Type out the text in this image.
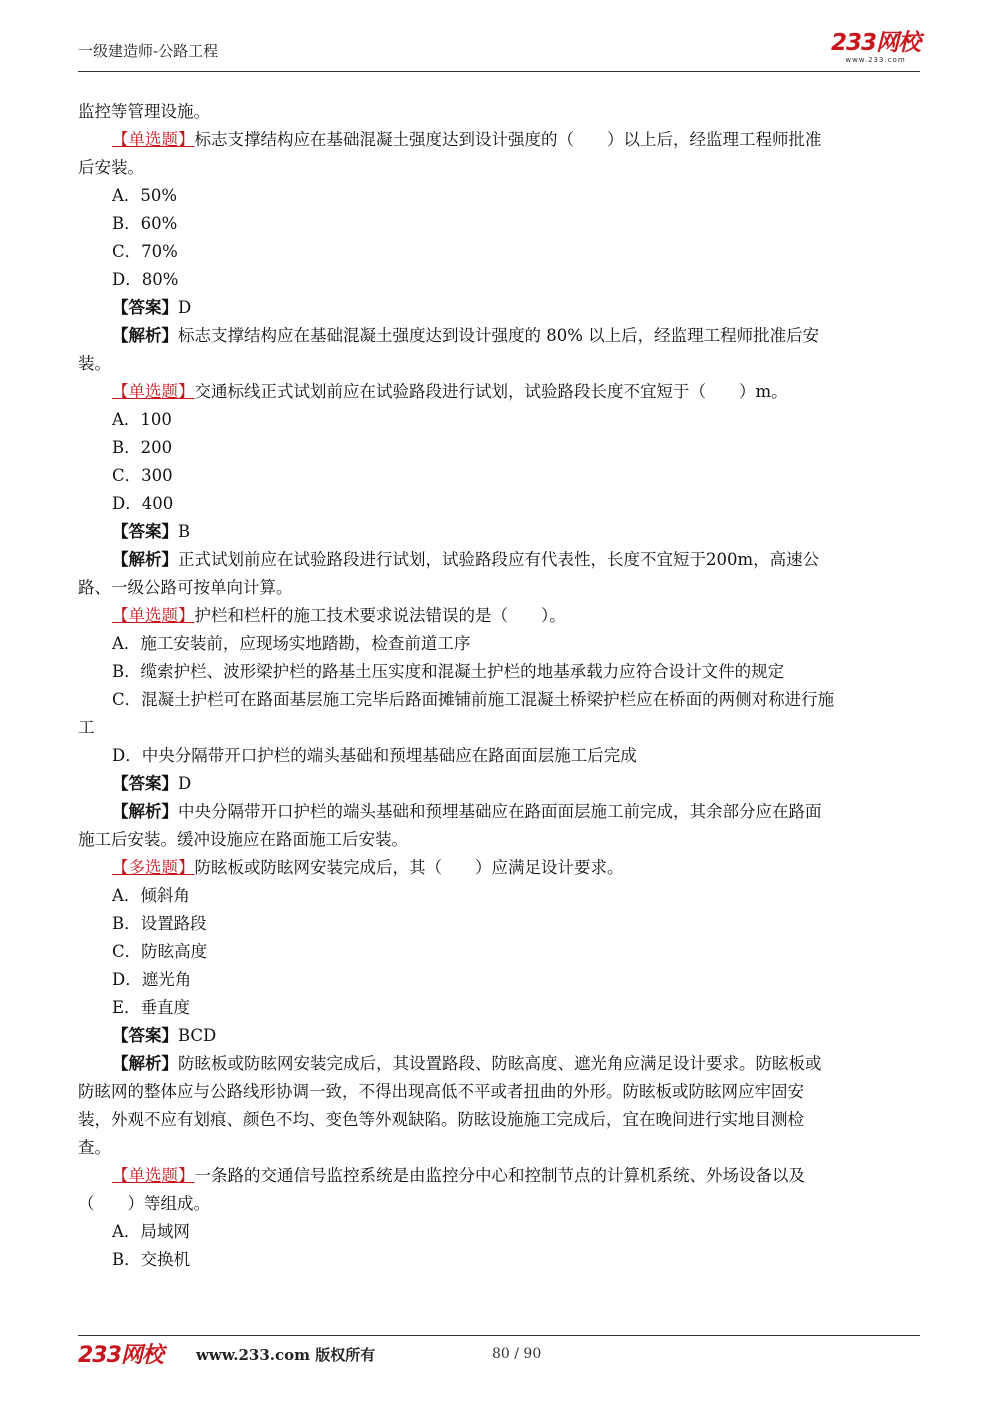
一级建造师-公路工程	233网校
www.233.com
监控等管理设施。
【单选题】标志支撑结构应在基础混凝土强度达到设计强度的（　　）以上后，经监理工程师批准
后安装。
A．50%
B．60%
C．70%
D．80%
【答案】D
【解析】标志支撑结构应在基础混凝土强度达到设计强度的 80% 以上后，经监理工程师批准后安
装。
【单选题】交通标线正式试划前应在试验路段进行试划，试验路段长度不宜短于（　　）m。
A．100
B．200
C．300
D．400
【答案】B
【解析】正式试划前应在试验路段进行试划，试验路段应有代表性，长度不宜短于200m，高速公
路、一级公路可按单向计算。
【单选题】护栏和栏杆的施工技术要求说法错误的是（　　）。
A．施工安装前，应现场实地踏勘，检查前道工序
B．缆索护栏、波形梁护栏的路基土压实度和混凝土护栏的地基承载力应符合设计文件的规定
C．混凝土护栏可在路面基层施工完毕后路面摊铺前施工混凝土桥梁护栏应在桥面的两侧对称进行施
工
D．中央分隔带开口护栏的端头基础和预埋基础应在路面面层施工后完成
【答案】D
【解析】中央分隔带开口护栏的端头基础和预埋基础应在路面面层施工前完成，其余部分应在路面
施工后安装。缓冲设施应在路面施工后安装。
【多选题】防眩板或防眩网安装完成后，其（　　）应满足设计要求。
A．倾斜角
B．设置路段
C．防眩高度
D．遮光角
E．垂直度
【答案】BCD
【解析】防眩板或防眩网安装完成后，其设置路段、防眩高度、遮光角应满足设计要求。防眩板或
防眩网的整体应与公路线形协调一致，不得出现高低不平或者扭曲的外形。防眩板或防眩网应牢固安
装，外观不应有划痕、颜色不均、变色等外观缺陷。防眩设施施工完成后，宜在晚间进行实地目测检
查。
【单选题】一条路的交通信号监控系统是由监控分中心和控制节点的计算机系统、外场设备以及
（　　）等组成。
A．局域网
B．交换机
233网校 www.233.com 版权所有	80 / 90
